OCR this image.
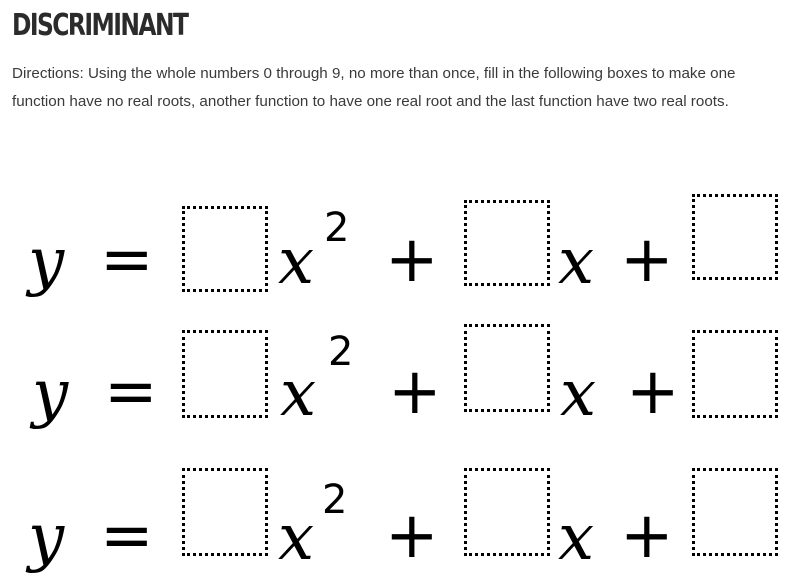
DISCRIMINANT

Directions: Using the whole numbers 0 through 9, no more than once, fill in the following boxes to make one function have no real roots, another function to have one real root and the last function have two real roots.

y = x 2 + x +
y = x
2
+ x +
y = x
2 + x +
